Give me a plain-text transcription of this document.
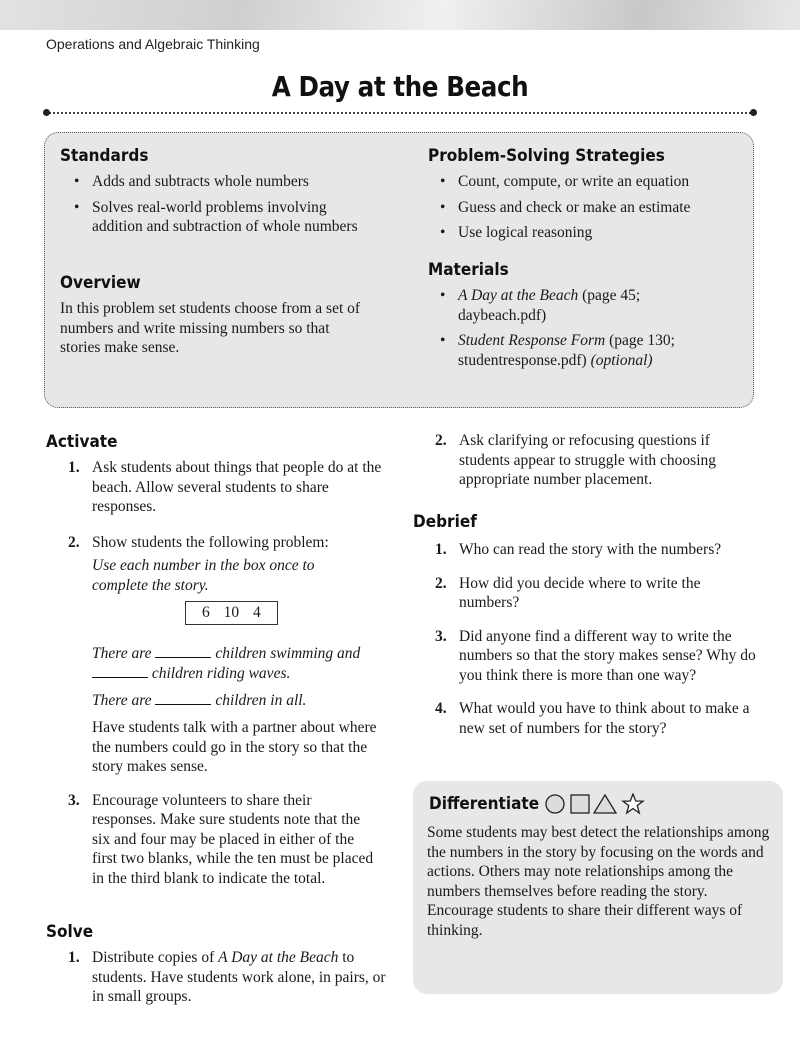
Operations and Algebraic Thinking
A Day at the Beach
Standards
• Adds and subtracts whole numbers
• Solves real-world problems involving addition and subtraction of whole numbers
Overview
In this problem set students choose from a set of numbers and write missing numbers so that stories make sense.
Problem-Solving Strategies
• Count, compute, or write an equation
• Guess and check or make an estimate
• Use logical reasoning
Materials
• A Day at the Beach (page 45; daybeach.pdf)
• Student Response Form (page 130; studentresponse.pdf) (optional)
Activate
1. Ask students about things that people do at the beach. Allow several students to share responses.
2. Show students the following problem:
Use each number in the box once to complete the story.
6 10 4
There are	children swimming and  children riding waves.
There are	children in all.
Have students talk with a partner about where the numbers could go in the story so that the story makes sense.
3. Encourage volunteers to share their responses. Make sure students note that the six and four may be placed in either of the first two blanks, while the ten must be placed in the third blank to indicate the total.
Solve
1. Distribute copies of A Day at the Beach to students. Have students work alone, in pairs, or in small groups.
2. Ask clarifying or refocusing questions if students appear to struggle with choosing appropriate number placement.
Debrief
1. Who can read the story with the numbers?
2. How did you decide where to write the numbers?
3. Did anyone find a different way to write the numbers so that the story makes sense? Why do you think there is more than one way?
4. What would you have to think about to make a new set of numbers for the story?
Differentiate
Some students may best detect the relationships among the numbers in the story by focusing on the words and actions. Others may note relationships among the numbers themselves before reading the story. Encourage students to share their different ways of thinking.
